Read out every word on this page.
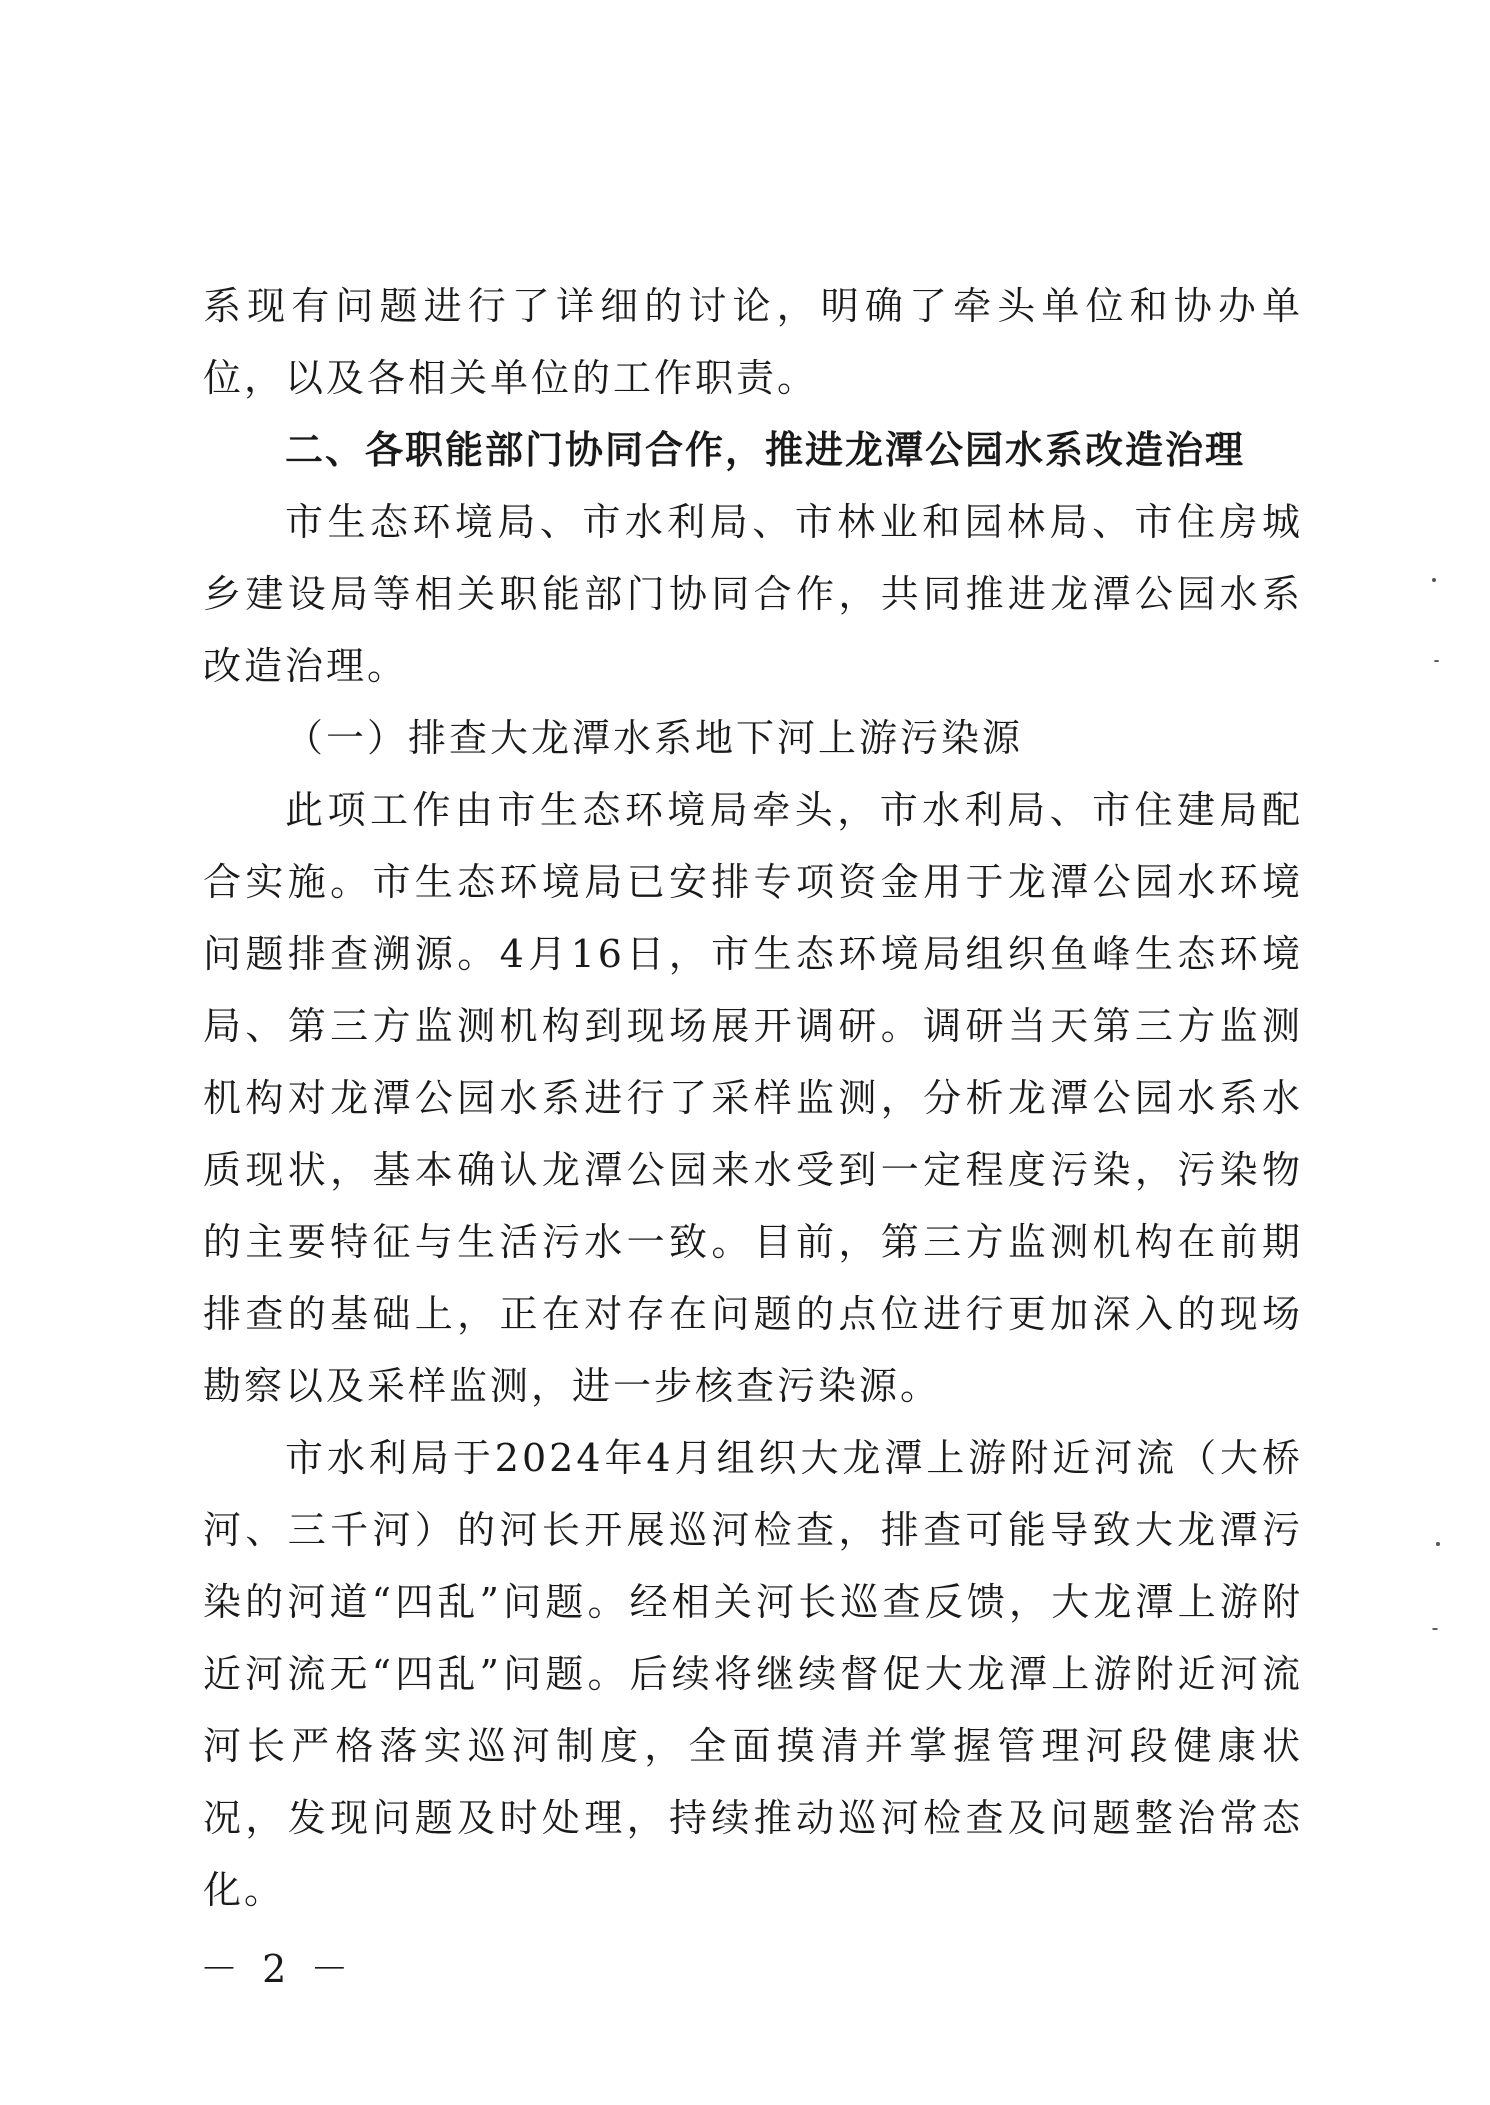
系现有问题进行了详细的讨论，明确了牵头单位和协办单位，以及各相关单位的工作职责。

二、各职能部门协同合作，推进龙潭公园水系改造治理

市生态环境局、市水利局、市林业和园林局、市住房城乡建设局等相关职能部门协同合作，共同推进龙潭公园水系改造治理。

（一）排查大龙潭水系地下河上游污染源

此项工作由市生态环境局牵头，市水利局、市住建局配合实施。市生态环境局已安排专项资金用于龙潭公园水环境问题排查溯源。4月16日，市生态环境局组织鱼峰生态环境局、第三方监测机构到现场展开调研。调研当天第三方监测机构对龙潭公园水系进行了采样监测，分析龙潭公园水系水质现状，基本确认龙潭公园来水受到一定程度污染，污染物的主要特征与生活污水一致。目前，第三方监测机构在前期排查的基础上，正在对存在问题的点位进行更加深入的现场勘察以及采样监测，进一步核查污染源。

市水利局于2024年4月组织大龙潭上游附近河流（大桥河、三千河）的河长开展巡河检查，排查可能导致大龙潭污染的河道“四乱”问题。经相关河长巡查反馈，大龙潭上游附近河流无“四乱”问题。后续将继续督促大龙潭上游附近河流河长严格落实巡河制度，全面摸清并掌握管理河段健康状况，发现问题及时处理，持续推动巡河检查及问题整治常态化。

－ 2 －
